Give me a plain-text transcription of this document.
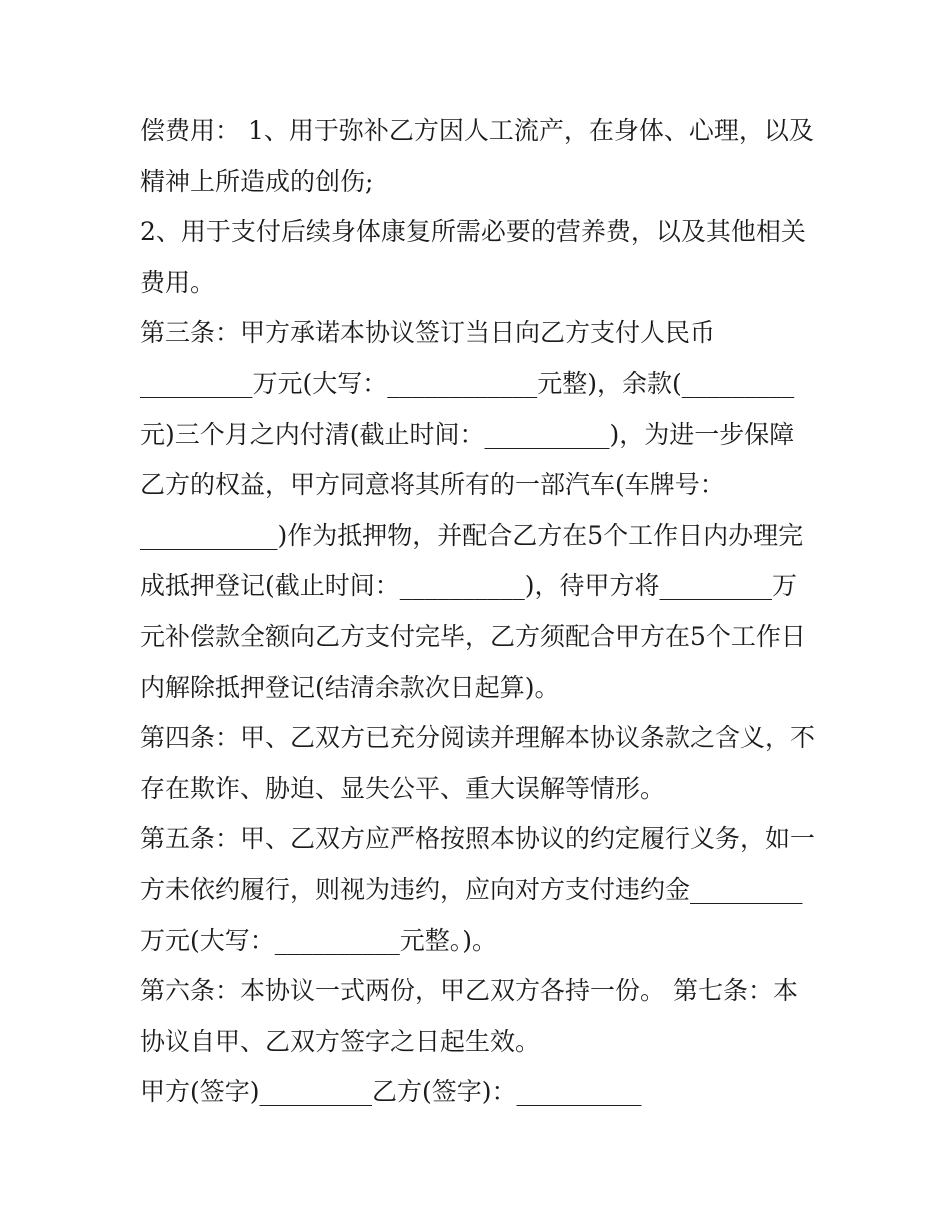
偿费用： 1、用于弥补乙方因人工流产，在身体、心理，以及
精神上所造成的创伤;
2、用于支付后续身体康复所需必要的营养费，以及其他相关
费用。
第三条：甲方承诺本协议签订当日向乙方支付人民币
_________万元(大写：____________元整)，余款(_________
元)三个月之内付清(截止时间：__________)，为进一步保障
乙方的权益，甲方同意将其所有的一部汽车(车牌号：
___________)作为抵押物，并配合乙方在5个工作日内办理完
成抵押登记(截止时间：__________)，待甲方将_________万
元补偿款全额向乙方支付完毕，乙方须配合甲方在5个工作日
内解除抵押登记(结清余款次日起算)。
第四条：甲、乙双方已充分阅读并理解本协议条款之含义，不
存在欺诈、胁迫、显失公平、重大误解等情形。
第五条：甲、乙双方应严格按照本协议的约定履行义务，如一
方未依约履行，则视为违约，应向对方支付违约金_________
万元(大写：__________元整。)。
第六条：本协议一式两份，甲乙双方各持一份。 第七条：本
协议自甲、乙双方签字之日起生效。
甲方(签字)_________乙方(签字)：__________
